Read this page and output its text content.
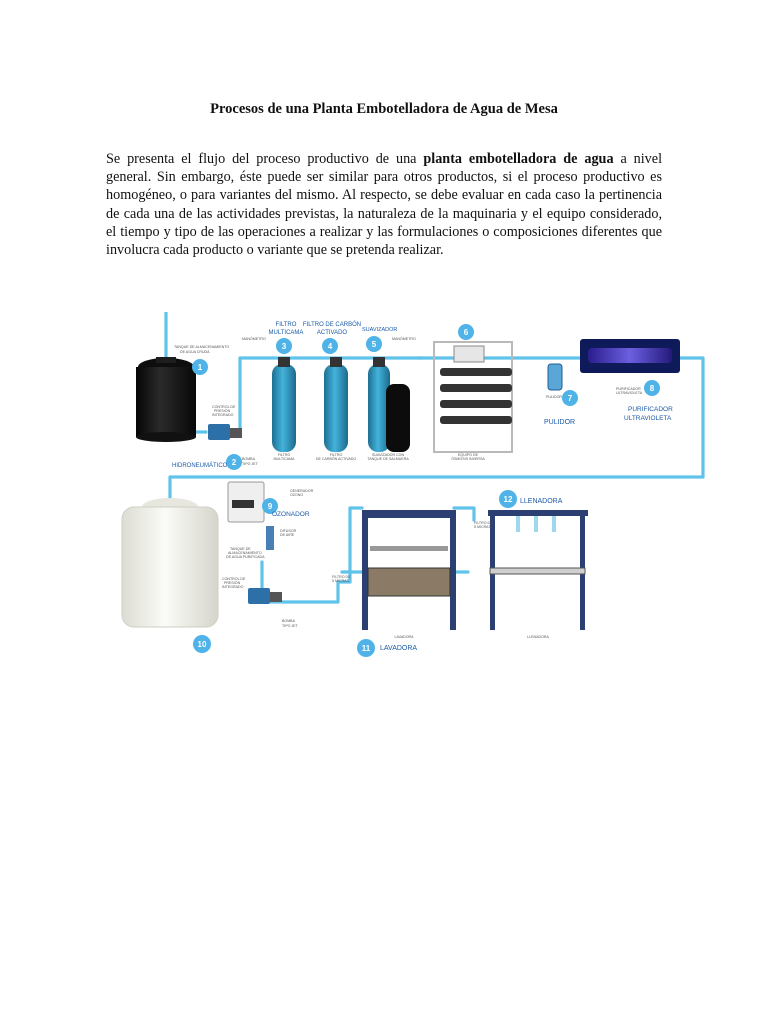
Procesos de una Planta Embotelladora de Agua de Mesa
Se presenta el flujo del proceso productivo de una planta embotelladora de agua a nivel general. Sin embargo, éste puede ser similar para otros productos, si el proceso productivo es homogéneo, o para variantes del mismo. Al respecto, se debe evaluar en cada caso la pertinencia de cada una de las actividades previstas, la naturaleza de la maquinaria y el equipo considerado, el tiempo y tipo de las operaciones a realizar y las formulaciones o composiciones diferentes que involucra cada producto o variante que se pretenda realizar.
1
2
3	4	5
6
7
8
9
10	11
12
FILTRO
MULTICAMA
FILTRO DE CARBÓN
ACTIVADO	SUAVIZADOR
HIDRONEUMÁTICO
PULIDOR
PURIFICADOR
ULTRAVIOLETA
OZONADOR
LLENADORA
LAVADORA
TANQUE DE ALMACENAMIENTO
DE AGUA CRUDA
MANÓMETRO	MANÓMETRO
CONTROL DE
PRESIÓN
INTEGRADO
BOMBA
TIPO JET
FILTRO
MULTICAMA
FILTRO
DE CARBÓN ACTIVADO
SUAVIZADOR CON
TANQUE DE SALMUERA
EQUIPO DE
ÓSMOSIS INVERSA
PULIDOR
PURIFICADOR
ULTRAVIOLETA
GENERADOR
OZONO
TANQUE DE
ALMACENAMIENTO
DE AGUA PURIFICADA
DIFUSOR
DE AIRE
CONTROL DE
PRESIÓN
INTEGRADO
BOMBA
TIPO JET
FILTRO DE
5 MICRAS
FILTRO DE
5 MICRAS
LAVADORA	LLENADORA
